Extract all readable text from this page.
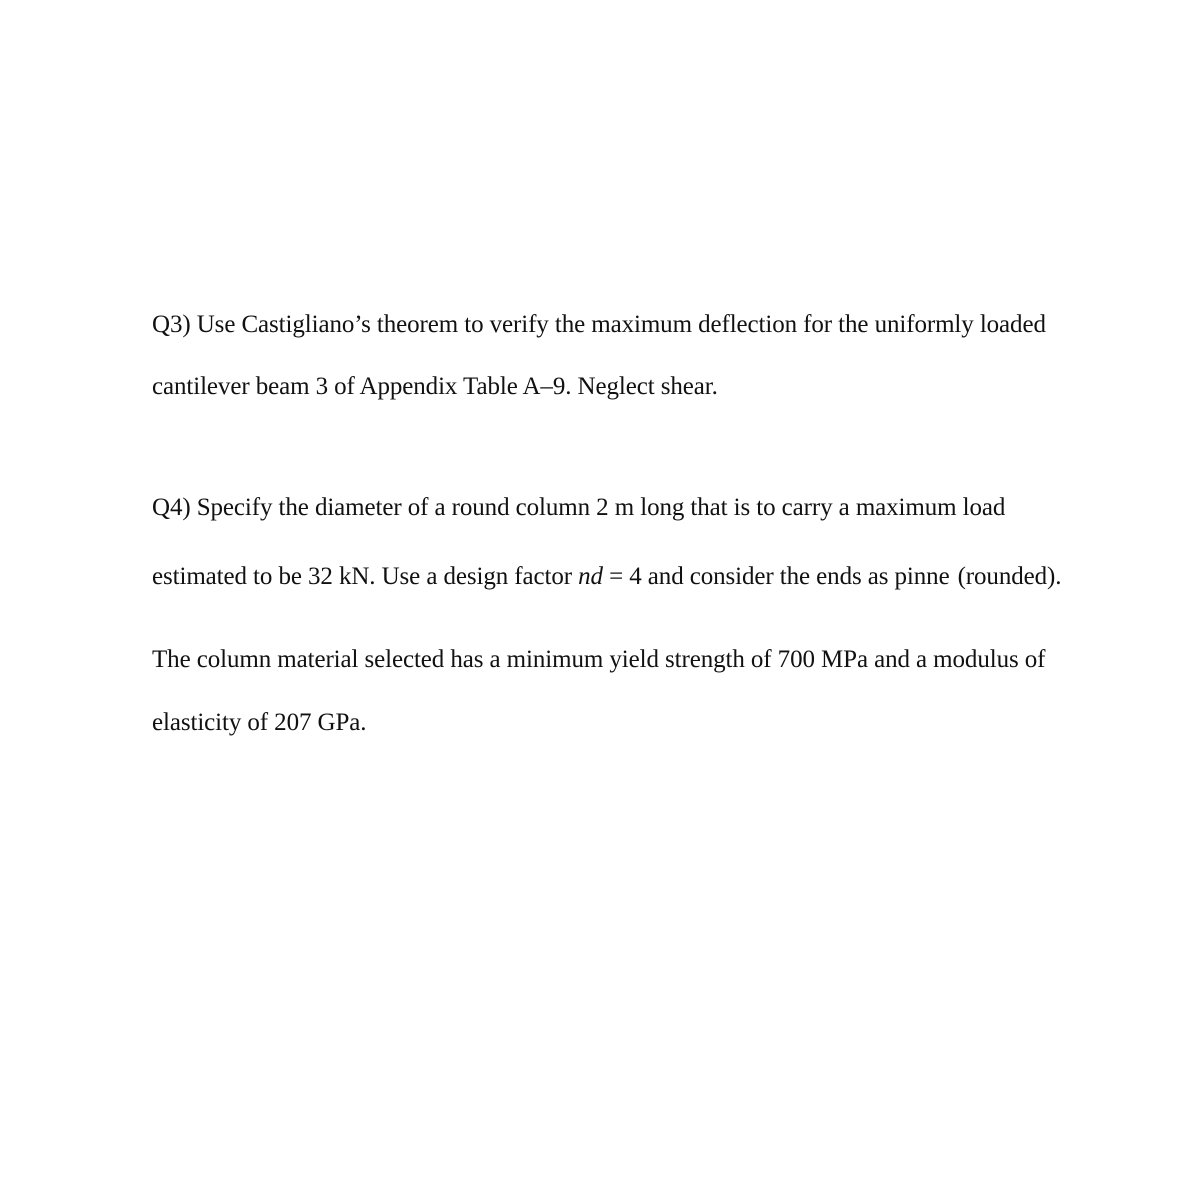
Q3) Use Castigliano’s theorem to verify the maximum deflection for the uniformly loaded
cantilever beam 3 of Appendix Table A–9. Neglect shear.
Q4) Specify the diameter of a round column 2 m long that is to carry a maximum load
estimated to be 32 kN. Use a design factor nd = 4 and consider the ends as pinne (rounded).
The column material selected has a minimum yield strength of 700 MPa and a modulus of
elasticity of 207 GPa.
